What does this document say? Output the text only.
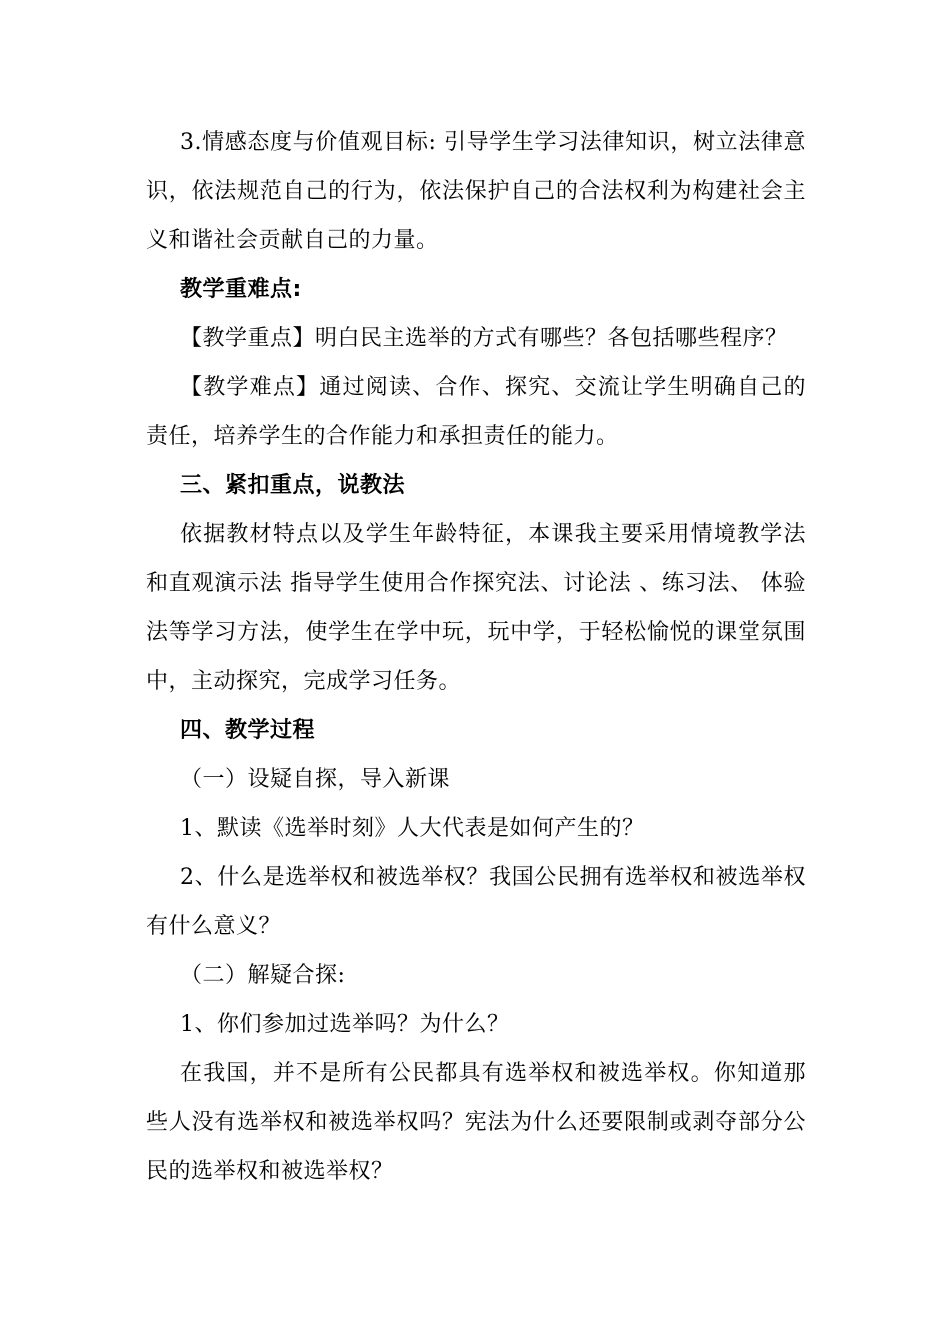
3.情感态度与价值观目标: 引导学生学习法律知识，树立法律意识，依法规范自己的行为，依法保护自己的合法权利为构建社会主义和谐社会贡献自己的力量。

教学重难点:

【教学重点】明白民主选举的方式有哪些？各包括哪些程序？

【教学难点】通过阅读、合作、探究、交流让学生明确自己的责任，培养学生的合作能力和承担责任的能力。

三、紧扣重点，说教法

依据教材特点以及学生年龄特征，本课我主要采用情境教学法和直观演示法 指导学生使用合作探究法、讨论法 、练习法、 体验法等学习方法，使学生在学中玩，玩中学，于轻松愉悦的课堂氛围中，主动探究，完成学习任务。

四、教学过程

（一）设疑自探，导入新课

1、默读《选举时刻》人大代表是如何产生的？

2、什么是选举权和被选举权？我国公民拥有选举权和被选举权有什么意义？

（二）解疑合探:

1、你们参加过选举吗？为什么？

在我国，并不是所有公民都具有选举权和被选举权。你知道那些人没有选举权和被选举权吗？宪法为什么还要限制或剥夺部分公民的选举权和被选举权？
